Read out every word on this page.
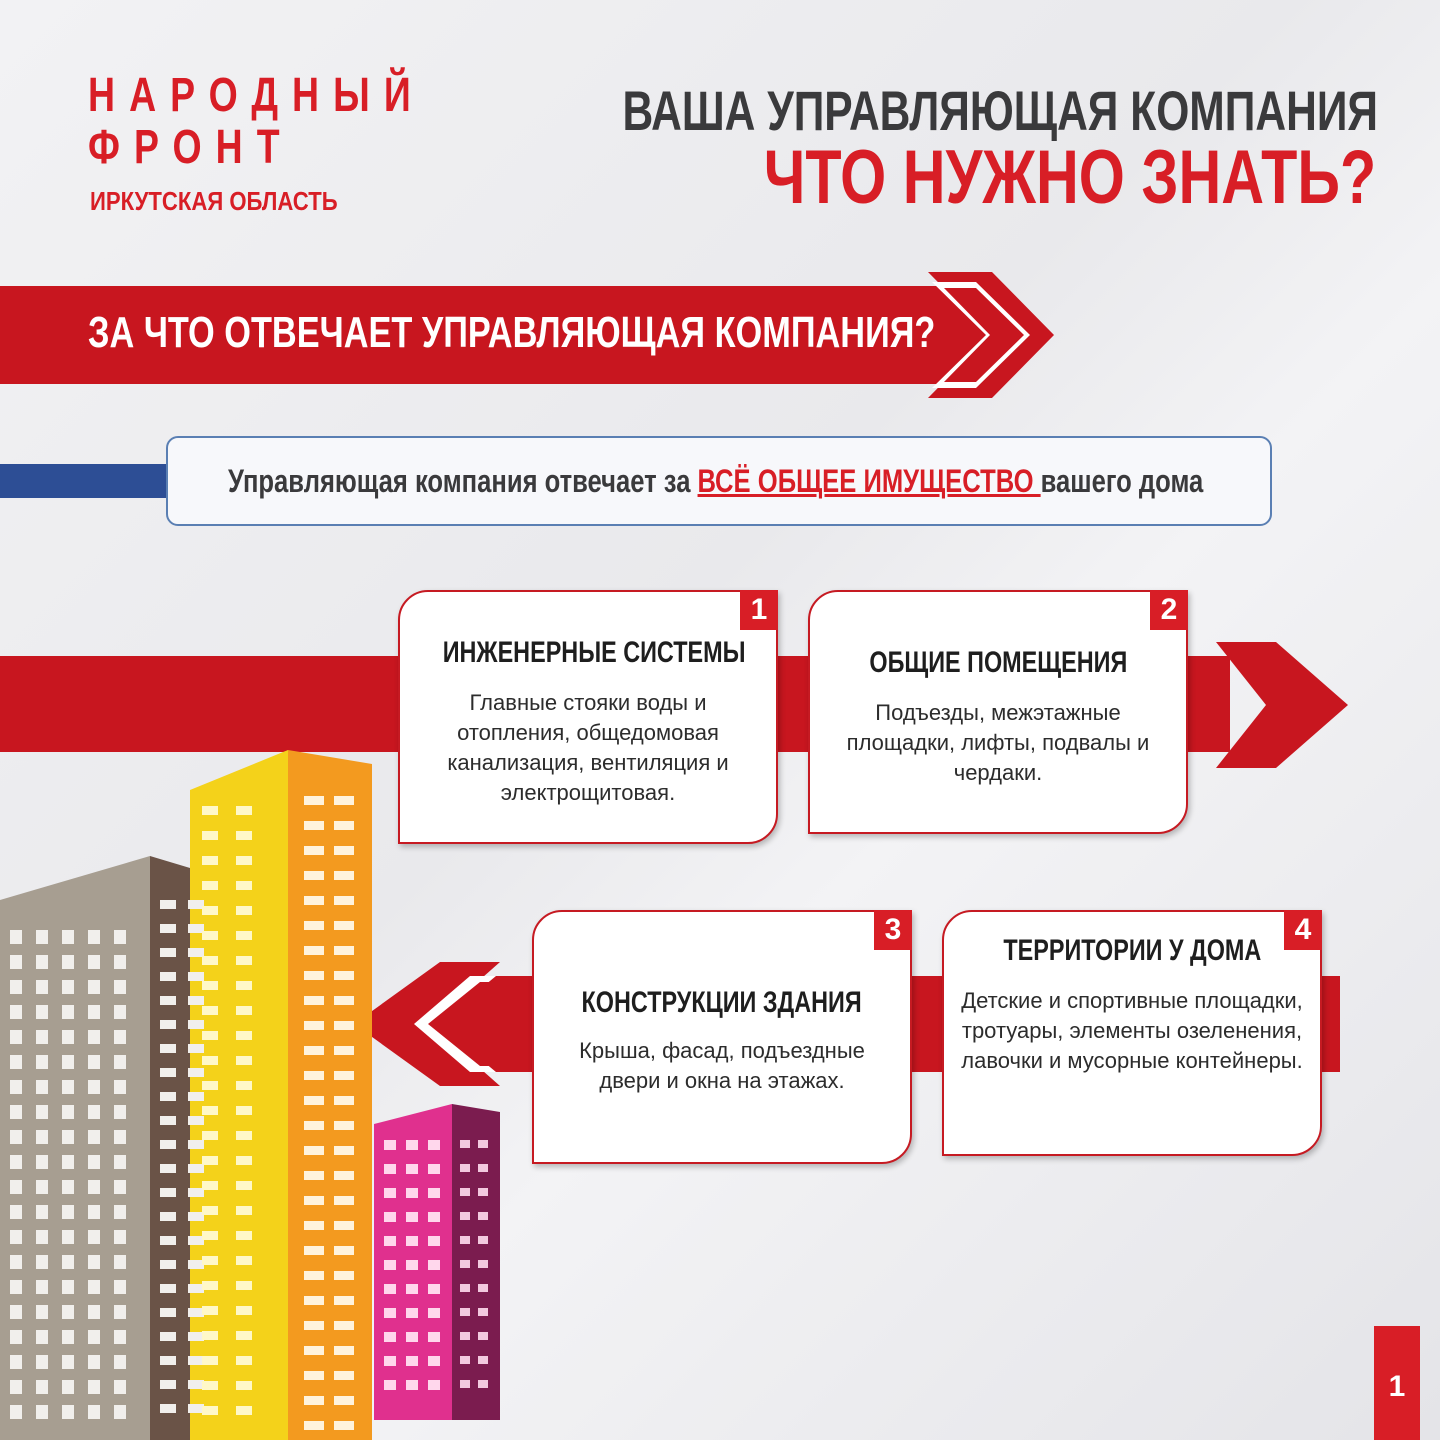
НАРОДНЫЙ
ФРОНТ
ИРКУТСКАЯ ОБЛАСТЬ
ВАША УПРАВЛЯЮЩАЯ КОМПАНИЯ
ЧТО НУЖНО ЗНАТЬ?
ЗА ЧТО ОТВЕЧАЕТ УПРАВЛЯЮЩАЯ КОМПАНИЯ?
Управляющая компания отвечает за ВСЁ ОБЩЕЕ ИМУЩЕСТВО вашего дома
1
ИНЖЕНЕРНЫЕ СИСТЕМЫ
Главные стояки воды и отопления, общедомовая канализация, вентиляция и электрощитовая.
2
ОБЩИЕ ПОМЕЩЕНИЯ
Подъезды, межэтажные площадки, лифты, подвалы и чердаки.
3
КОНСТРУКЦИИ ЗДАНИЯ
Крыша, фасад, подъездные двери и окна на этажах.
4
ТЕРРИТОРИИ У ДОМА
Детские и спортивные площадки, тротуары, элементы озеленения, лавочки и мусорные контейнеры.
1
